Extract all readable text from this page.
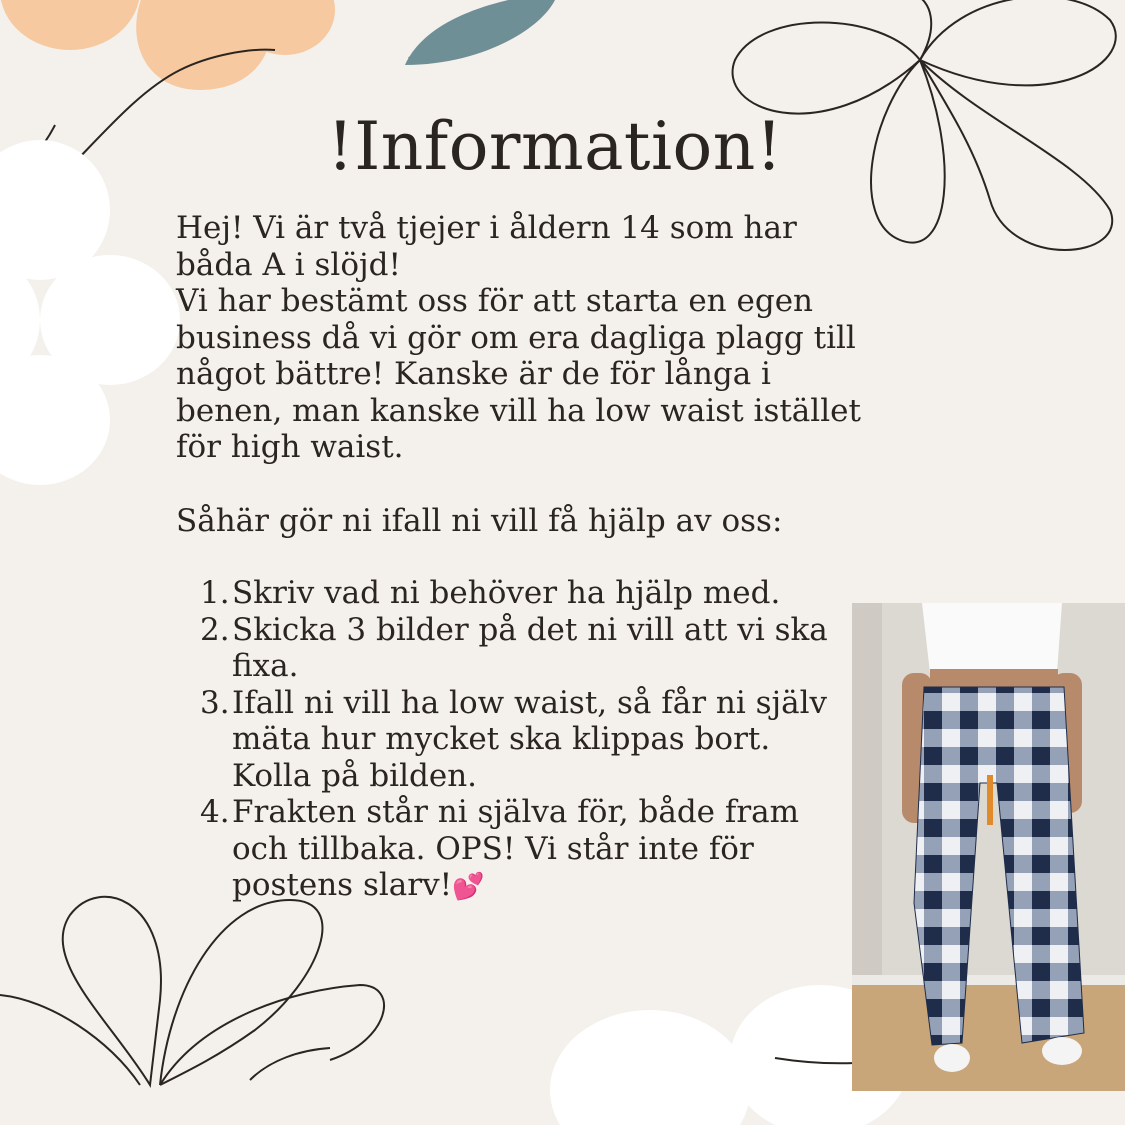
!Information!
Hej! Vi är två tjejer i åldern 14 som har båda A i slöjd!
Vi har bestämt oss för att starta en egen business då vi gör om era dagliga plagg till något bättre! Kanske är de för långa i benen, man kanske vill ha low waist istället för high waist.
Såhär gör ni ifall ni vill få hjälp av oss:
1. Skriv vad ni behöver ha hjälp med.
2. Skicka 3 bilder på det ni vill att vi ska fixa.
3. Ifall ni vill ha low waist, så får ni själv mäta hur mycket ska klippas bort. Kolla på bilden.
4. Frakten står ni själva för, både fram och tillbaka. OPS! Vi står inte för postens slarv!💕
